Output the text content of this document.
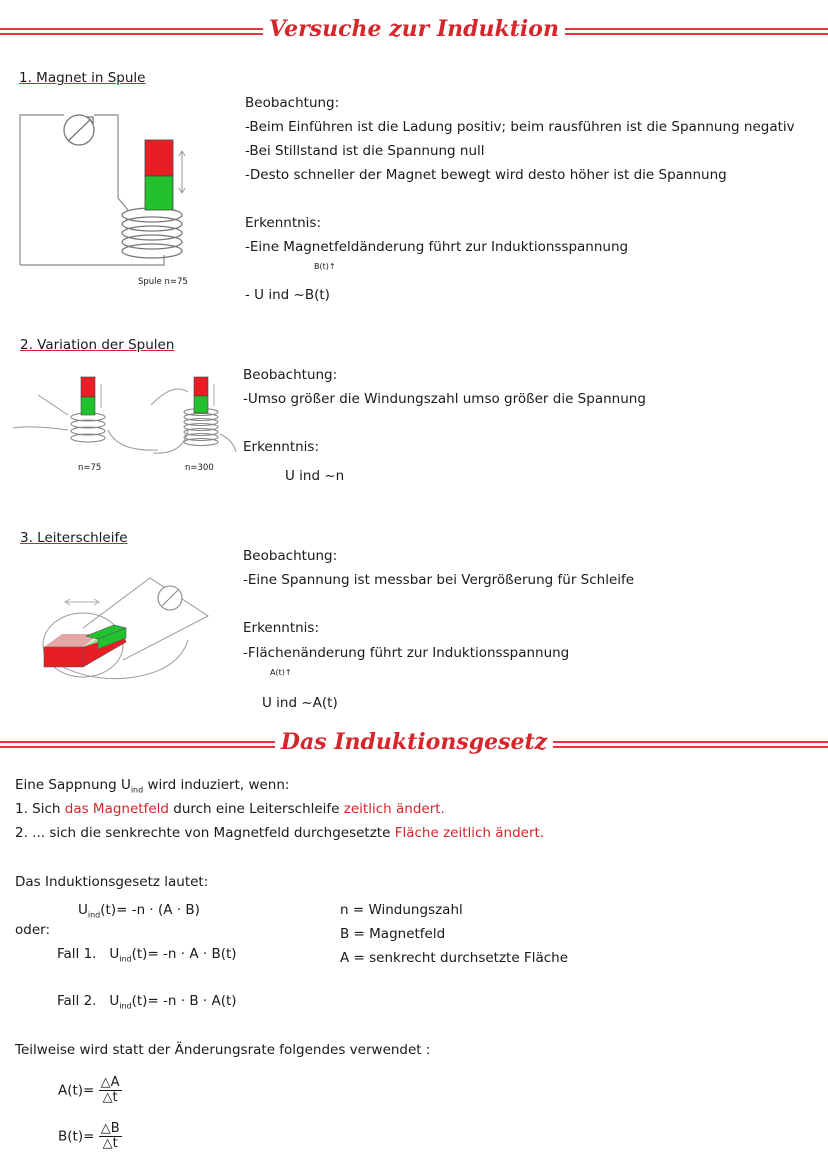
Versuche zur Induktion
1. Magnet in Spule
Spule n=75
Beobachtung:
-Beim Einführen ist die Ladung positiv; beim rausführen ist die Spannung negativ
-Bei Stillstand ist die Spannung null
-Desto schneller der Magnet bewegt wird desto höher ist die Spannung
Erkenntnis:
-Eine Magnetfeldänderung führt zur Induktionsspannung
B(t)↑
- U ind ~B(t)
2. Variation der Spulen
n=75	n=300
Beobachtung:
-Umso größer die Windungszahl umso größer die Spannung
Erkenntnis:
U ind ~n
3. Leiterschleife
Beobachtung:
-Eine Spannung ist messbar bei Vergrößerung für Schleife
Erkenntnis:
-Flächenänderung führt zur Induktionsspannung
A(t)↑
U ind ~A(t)
Das Induktionsgesetz
Eine Sappnung $U_{ind}$ wird induziert, wenn:
1. Sich das Magnetfeld durch eine Leiterschleife zeitlich ändert.
2. ... sich die senkrechte von Magnetfeld durchgesetzte Fläche zeitlich ändert.
Das Induktionsgesetz lautet:
$U_{ind}(t)= -n \cdot (A \cdot B)$
oder:
Fall 1. $U_{ind}(t)= -n \cdot A \cdot B(t)$
Fall 2. $U_{ind}(t)= -n \cdot B \cdot A(t)$
n = Windungszahl
B = Magnetfeld
A = senkrecht durchsetzte Fläche
Teilweise wird statt der Änderungsrate folgendes verwendet :
$A(t)= \frac{\triangle A}{\triangle t}$
$B(t)= \frac{\triangle B}{\triangle t}$
